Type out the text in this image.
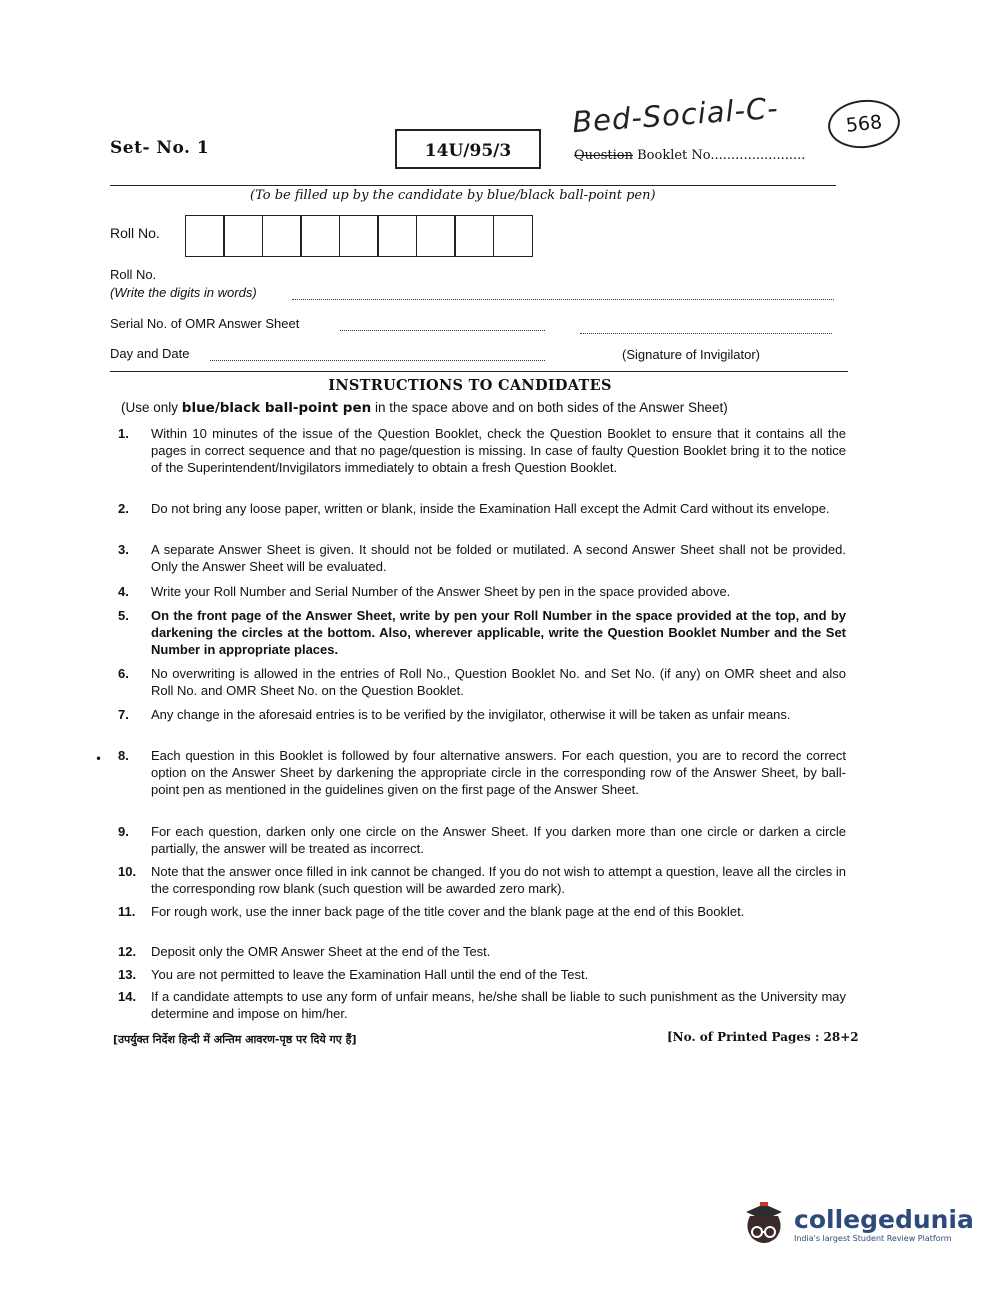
Set- No. 1	14U/95/3
Bed-Social-C-	568
Question Booklet No.......................
(To be filled up by the candidate by blue/black ball-point pen)
Roll No.
Roll No.
(Write the digits in words)
Serial No. of OMR Answer Sheet
Day and Date	(Signature of Invigilator)
INSTRUCTIONS TO CANDIDATES
(Use only blue/black ball-point pen in the space above and on both sides of the Answer Sheet)
1.	Within 10 minutes of the issue of the Question Booklet, check the Question Booklet to ensure that it contains all the pages in correct sequence and that no page/question is missing. In case of faulty Question Booklet bring it to the notice of the Superintendent/Invigilators immediately to obtain a fresh Question Booklet.
2.	Do not bring any loose paper, written or blank, inside the Examination Hall except the Admit Card without its envelope.
3.	A separate Answer Sheet is given. It should not be folded or mutilated. A second Answer Sheet shall not be provided. Only the Answer Sheet will be evaluated.
4.	Write your Roll Number and Serial Number of the Answer Sheet by pen in the space provided above.
5.	On the front page of the Answer Sheet, write by pen your Roll Number in the space provided at the top, and by darkening the circles at the bottom. Also, wherever applicable, write the Question Booklet Number and the Set Number in appropriate places.
6.	No overwriting is allowed in the entries of Roll No., Question Booklet No. and Set No. (if any) on OMR sheet and also Roll No. and OMR Sheet No. on the Question Booklet.
7.	Any change in the aforesaid entries is to be verified by the invigilator, otherwise it will be taken as unfair means.
8.	Each question in this Booklet is followed by four alternative answers. For each question, you are to record the correct option on the Answer Sheet by darkening the appropriate circle in the corresponding row of the Answer Sheet, by ball-point pen as mentioned in the guidelines given on the first page of the Answer Sheet.
9.	For each question, darken only one circle on the Answer Sheet. If you darken more than one circle or darken a circle partially, the answer will be treated as incorrect.
10.	Note that the answer once filled in ink cannot be changed. If you do not wish to attempt a question, leave all the circles in the corresponding row blank (such question will be awarded zero mark).
11.	For rough work, use the inner back page of the title cover and the blank page at the end of this Booklet.
12.	Deposit only the OMR Answer Sheet at the end of the Test.
13.	You are not permitted to leave the Examination Hall until the end of the Test.
14.	If a candidate attempts to use any form of unfair means, he/she shall be liable to such punishment as the University may determine and impose on him/her.
•
[उपर्युक्त निर्देश हिन्दी में अन्तिम आवरण-पृष्ठ पर दिये गए हैं]	[No. of Printed Pages : 28+2
collegedunia
India's largest Student Review Platform
